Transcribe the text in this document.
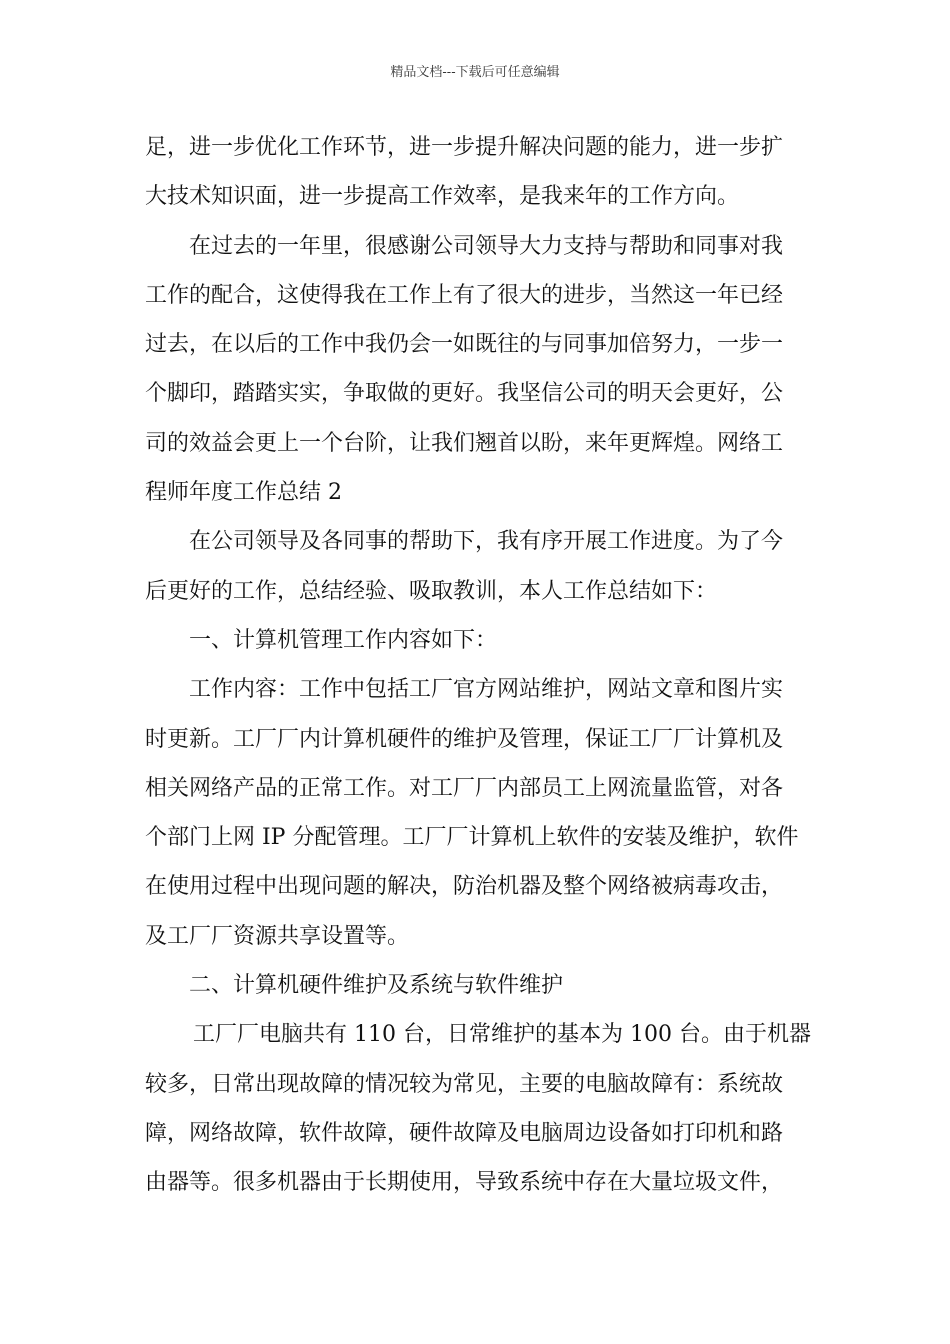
精品文档---下载后可任意编辑
足，进一步优化工作环节，进一步提升解决问题的能力，进一步扩
大技术知识面，进一步提高工作效率，是我来年的工作方向。
在过去的一年里，很感谢公司领导大力支持与帮助和同事对我
工作的配合，这使得我在工作上有了很大的进步，当然这一年已经
过去，在以后的工作中我仍会一如既往的与同事加倍努力，一步一
个脚印，踏踏实实，争取做的更好。我坚信公司的明天会更好，公
司的效益会更上一个台阶，让我们翘首以盼，来年更辉煌。网络工
程师年度工作总结 2
在公司领导及各同事的帮助下，我有序开展工作进度。为了今
后更好的工作，总结经验、吸取教训，本人工作总结如下：
一、计算机管理工作内容如下：
工作内容：工作中包括工厂官方网站维护，网站文章和图片实
时更新。工厂厂内计算机硬件的维护及管理，保证工厂厂计算机及
相关网络产品的正常工作。对工厂厂内部员工上网流量监管，对各
个部门上网 IP 分配管理。工厂厂计算机上软件的安装及维护，软件
在使用过程中出现问题的解决，防治机器及整个网络被病毒攻击，
及工厂厂资源共享设置等。
二、计算机硬件维护及系统与软件维护
工厂厂电脑共有 110 台，日常维护的基本为 100 台。由于机器
较多，日常出现故障的情况较为常见，主要的电脑故障有：系统故
障，网络故障，软件故障，硬件故障及电脑周边设备如打印机和路
由器等。很多机器由于长期使用，导致系统中存在大量垃圾文件，
